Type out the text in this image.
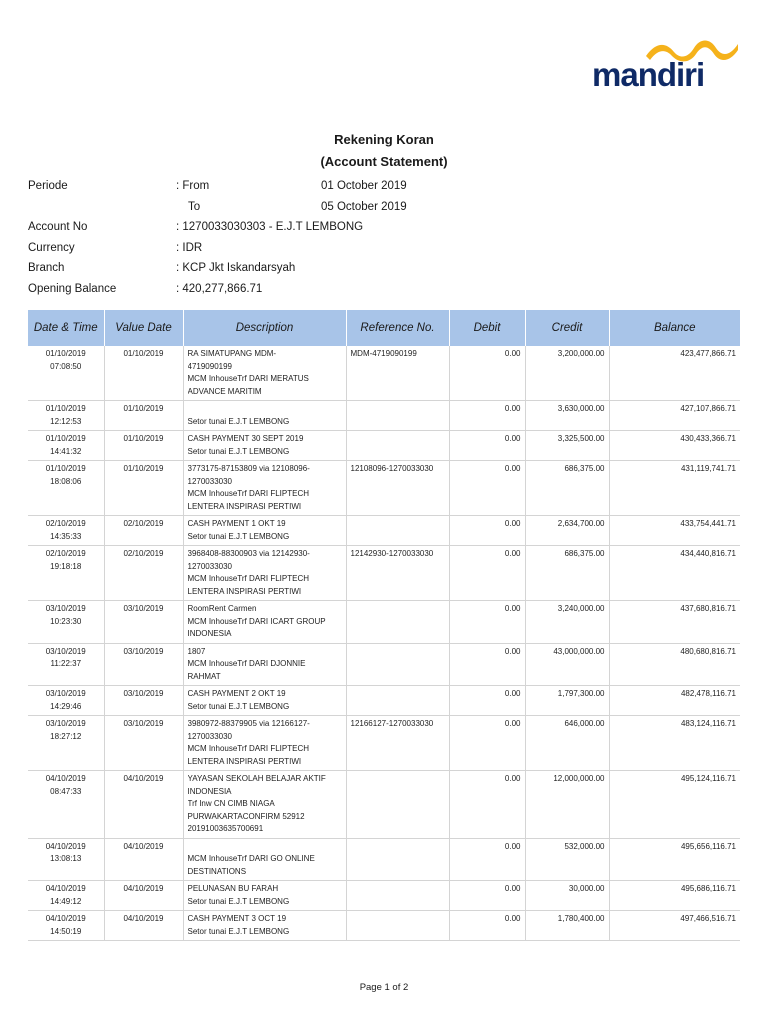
mandiri
Rekening Koran
(Account Statement)
Periode	: From	01 October 2019
To	05 October 2019
Account No	: 1270033030303 - E.J.T LEMBONG
Currency	: IDR
Branch	: KCP Jkt Iskandarsyah
Opening Balance	: 420,277,866.71
Date & Time	Value Date	Description	Reference No.	Debit	Credit	Balance

01/10/2019
07:08:50	01/10/2019	RA SIMATUPANG MDM-
4719090199
MCM InhouseTrf DARI MERATUS
ADVANCE MARITIM	MDM-4719090199	0.00	3,200,000.00	423,477,866.71

01/10/2019
12:12:53	01/10/2019	Setor tunai E.J.T LEMBONG		0.00	3,630,000.00	427,107,866.71

01/10/2019
14:41:32	01/10/2019	CASH PAYMENT 30 SEPT 2019
Setor tunai E.J.T LEMBONG		0.00	3,325,500.00	430,433,366.71

01/10/2019
18:08:06	01/10/2019	3773175-87153809 via 12108096-
1270033030
MCM InhouseTrf DARI FLIPTECH
LENTERA INSPIRASI PERTIWI	12108096-1270033030	0.00	686,375.00	431,119,741.71

02/10/2019
14:35:33	02/10/2019	CASH PAYMENT 1 OKT 19
Setor tunai E.J.T LEMBONG		0.00	2,634,700.00	433,754,441.71

02/10/2019
19:18:18	02/10/2019	3968408-88300903 via 12142930-
1270033030
MCM InhouseTrf DARI FLIPTECH
LENTERA INSPIRASI PERTIWI	12142930-1270033030	0.00	686,375.00	434,440,816.71

03/10/2019
10:23:30	03/10/2019	RoomRent Carmen
MCM InhouseTrf DARI ICART GROUP
INDONESIA		0.00	3,240,000.00	437,680,816.71

03/10/2019
11:22:37	03/10/2019	1807
MCM InhouseTrf DARI DJONNIE
RAHMAT		0.00	43,000,000.00	480,680,816.71

03/10/2019
14:29:46	03/10/2019	CASH PAYMENT 2 OKT 19
Setor tunai E.J.T LEMBONG		0.00	1,797,300.00	482,478,116.71

03/10/2019
18:27:12	03/10/2019	3980972-88379905 via 12166127-
1270033030
MCM InhouseTrf DARI FLIPTECH
LENTERA INSPIRASI PERTIWI	12166127-1270033030	0.00	646,000.00	483,124,116.71

04/10/2019
08:47:33	04/10/2019	YAYASAN SEKOLAH BELAJAR AKTIF
INDONESIA
Trf Inw CN CIMB NIAGA
PURWAKARTACONFIRM 52912
20191003635700691		0.00	12,000,000.00	495,124,116.71

04/10/2019
13:08:13	04/10/2019	MCM InhouseTrf DARI GO ONLINE
DESTINATIONS		0.00	532,000.00	495,656,116.71

04/10/2019
14:49:12	04/10/2019	PELUNASAN BU FARAH
Setor tunai E.J.T LEMBONG		0.00	30,000.00	495,686,116.71

04/10/2019
14:50:19	04/10/2019	CASH PAYMENT 3 OCT 19
Setor tunai E.J.T LEMBONG		0.00	1,780,400.00	497,466,516.71
Page 1 of 2
